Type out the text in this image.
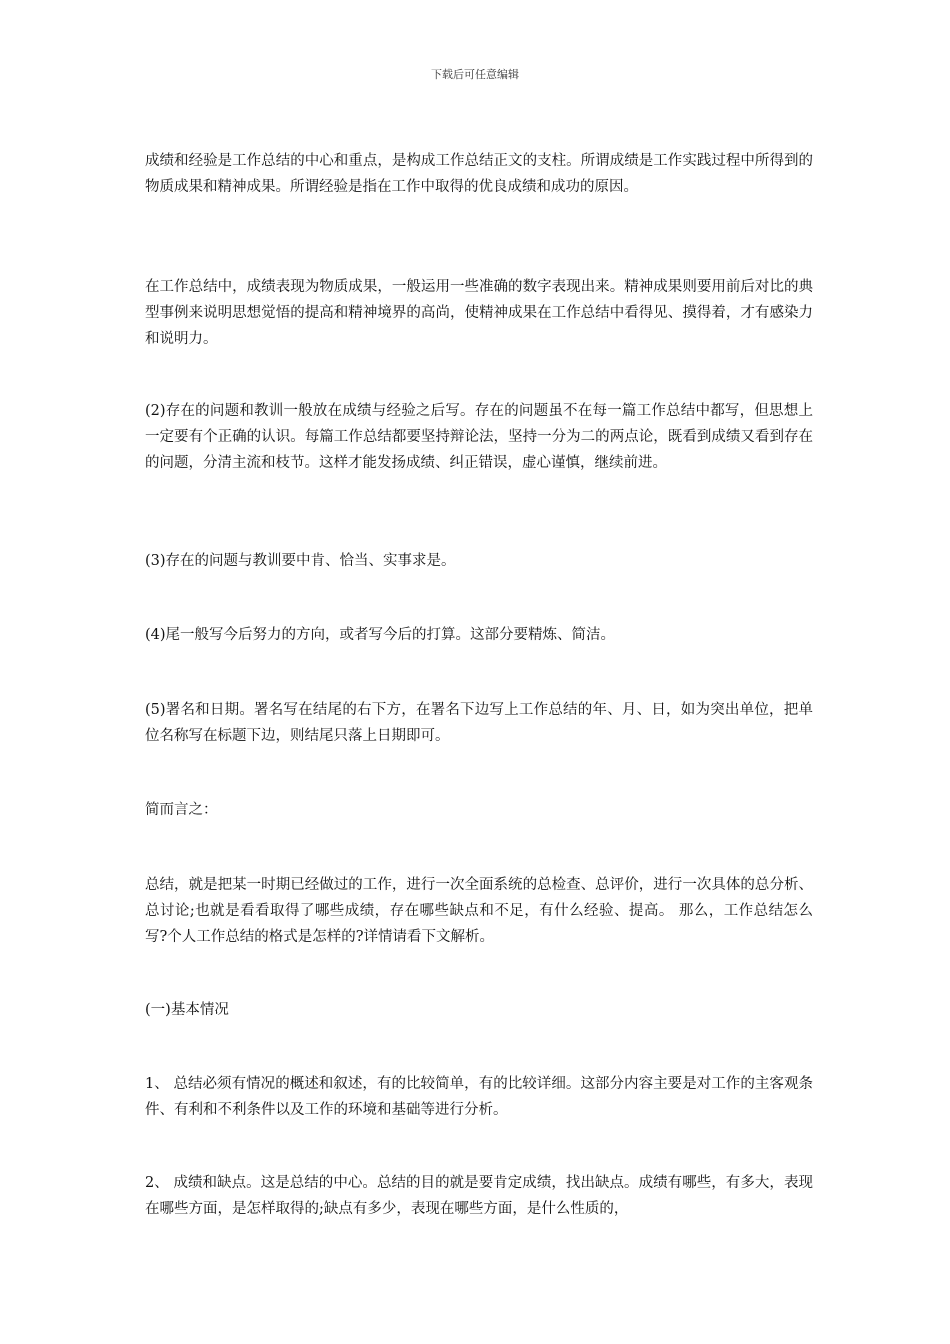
下载后可任意编辑

成绩和经验是工作总结的中心和重点，是构成工作总结正文的支柱。所谓成绩是工作实践过程中所得到的物质成果和精神成果。所谓经验是指在工作中取得的优良成绩和成功的原因。

在工作总结中，成绩表现为物质成果，一般运用一些准确的数字表现出来。精神成果则要用前后对比的典型事例来说明思想觉悟的提高和精神境界的高尚，使精神成果在工作总结中看得见、摸得着，才有感染力和说明力。

(2)存在的问题和教训一般放在成绩与经验之后写。存在的问题虽不在每一篇工作总结中都写，但思想上一定要有个正确的认识。每篇工作总结都要坚持辩论法，坚持一分为二的两点论，既看到成绩又看到存在的问题，分清主流和枝节。这样才能发扬成绩、纠正错误，虚心谨慎，继续前进。

(3)存在的问题与教训要中肯、恰当、实事求是。

(4)尾一般写今后努力的方向，或者写今后的打算。这部分要精炼、简洁。

(5)署名和日期。署名写在结尾的右下方，在署名下边写上工作总结的年、月、日，如为突出单位，把单位名称写在标题下边，则结尾只落上日期即可。

简而言之：

总结，就是把某一时期已经做过的工作，进行一次全面系统的总检查、总评价，进行一次具体的总分析、总讨论;也就是看看取得了哪些成绩，存在哪些缺点和不足，有什么经验、提高。 那么，工作总结怎么写?个人工作总结的格式是怎样的?详情请看下文解析。

(一)基本情况

1、 总结必须有情况的概述和叙述，有的比较简单，有的比较详细。这部分内容主要是对工作的主客观条件、有利和不利条件以及工作的环境和基础等进行分析。

2、 成绩和缺点。这是总结的中心。总结的目的就是要肯定成绩，找出缺点。成绩有哪些，有多大，表现在哪些方面，是怎样取得的;缺点有多少，表现在哪些方面，是什么性质的，
